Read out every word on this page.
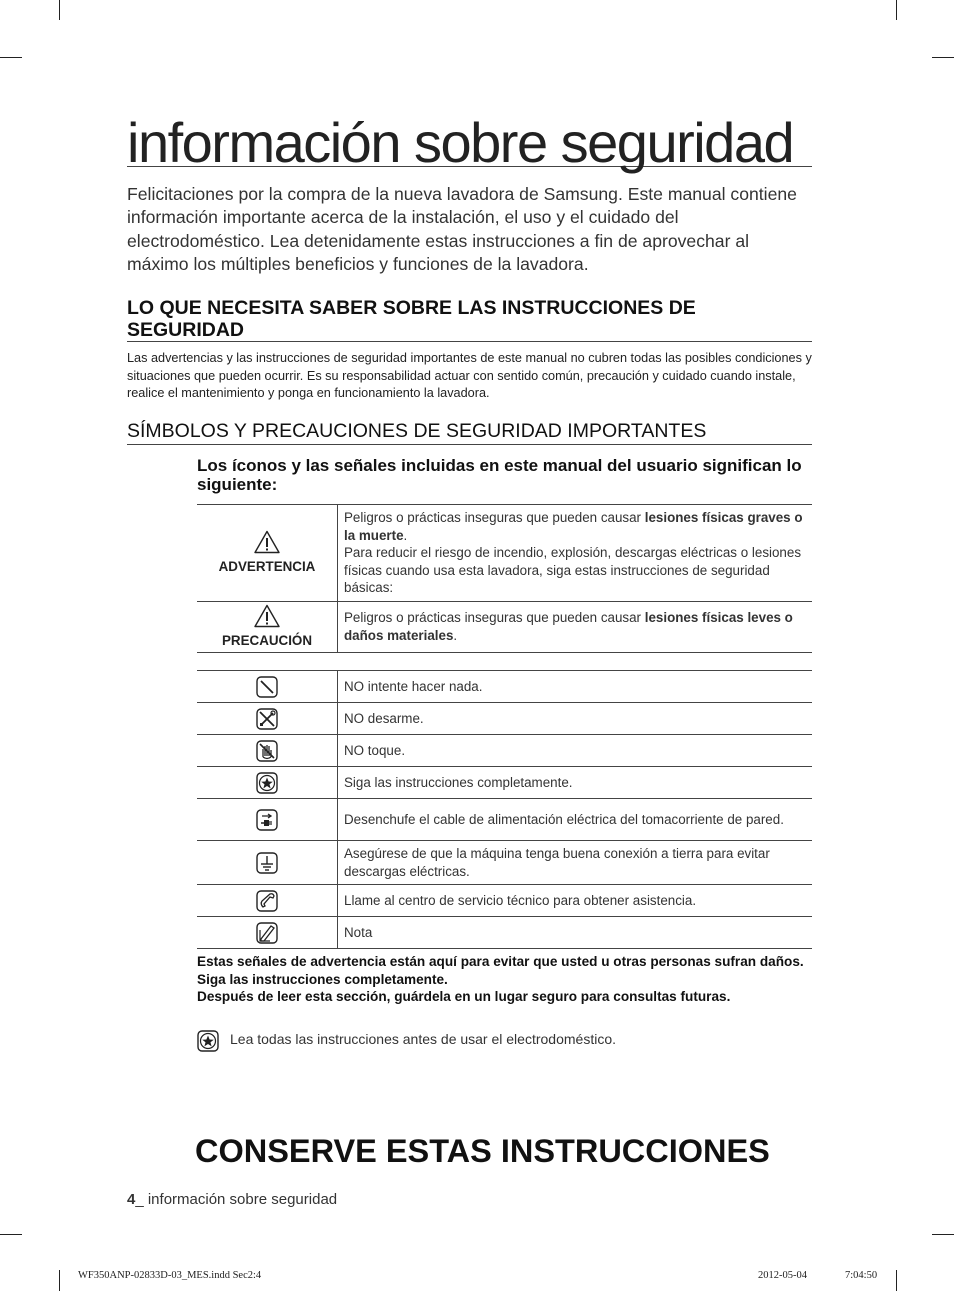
información sobre seguridad
Felicitaciones por la compra de la nueva lavadora de Samsung. Este manual contiene información importante acerca de la instalación, el uso y el cuidado del electrodoméstico. Lea detenidamente estas instrucciones a fin de aprovechar al máximo los múltiples beneficios y funciones de la lavadora.
LO QUE NECESITA SABER SOBRE LAS INSTRUCCIONES DE SEGURIDAD
Las advertencias y las instrucciones de seguridad importantes de este manual no cubren todas las posibles condiciones y situaciones que pueden ocurrir. Es su responsabilidad actuar con sentido común, precaución y cuidado cuando instale, realice el mantenimiento y ponga en funcionamiento la lavadora.
SÍMBOLOS Y PRECAUCIONES DE SEGURIDAD IMPORTANTES
Los íconos y las señales incluidas en este manual del usuario significan lo siguiente:
ADVERTENCIA	Peligros o prácticas inseguras que pueden causar lesiones físicas graves o la muerte.
Para reducir el riesgo de incendio, explosión, descargas eléctricas o lesiones físicas cuando usa esta lavadora, siga estas instrucciones de seguridad básicas:

PRECAUCIÓN	Peligros o prácticas inseguras que pueden causar lesiones físicas leves o daños materiales.
	NO intente hacer nada.
	NO desarme.
	NO toque.
	Siga las instrucciones completamente.
	Desenchufe el cable de alimentación eléctrica del tomacorriente de pared.
	Asegúrese de que la máquina tenga buena conexión a tierra para evitar descargas eléctricas.
	Llame al centro de servicio técnico para obtener asistencia.
	Nota
Estas señales de advertencia están aquí para evitar que usted u otras personas sufran daños.
Siga las instrucciones completamente.
Después de leer esta sección, guárdela en un lugar seguro para consultas futuras.
Lea todas las instrucciones antes de usar el electrodoméstico.
CONSERVE ESTAS INSTRUCCIONES
4_ información sobre seguridad
WF350ANP-02833D-03_MES.indd Sec2:4	2012-05-04	7:04:50
